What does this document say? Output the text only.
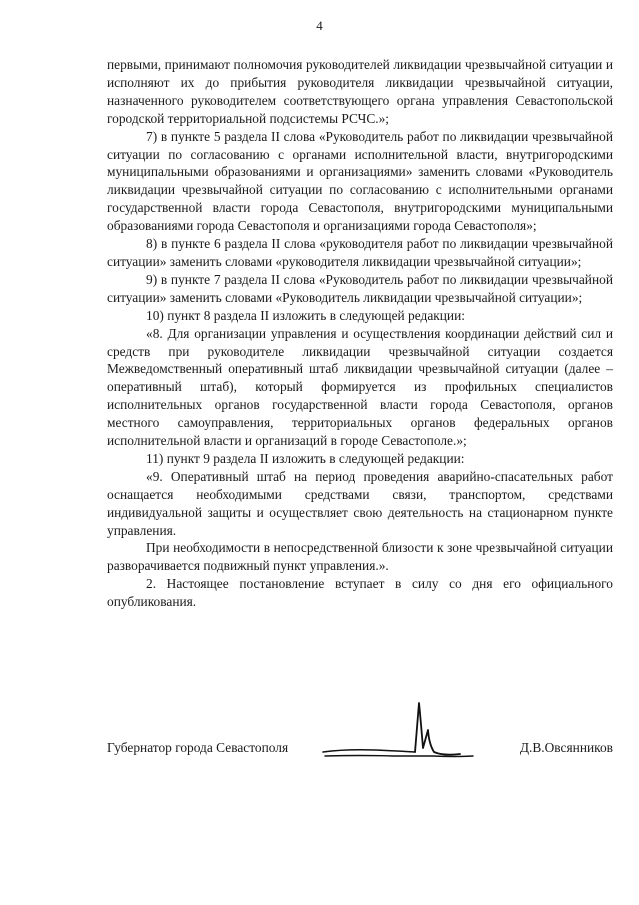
4

первыми, принимают полномочия руководителей ликвидации чрезвычайной ситуации и исполняют их до прибытия руководителя ликвидации чрезвычайной ситуации, назначенного руководителем соответствующего органа управления Севастопольской городской территориальной подсистемы РСЧС.»;

7) в пункте 5 раздела II слова «Руководитель работ по ликвидации чрезвычайной ситуации по согласованию с органами исполнительной власти, внутригородскими муниципальными образованиями и организациями» заменить словами «Руководитель ликвидации чрезвычайной ситуации по согласованию с исполнительными органами государственной власти города Севастополя, внутригородскими муниципальными образованиями города Севастополя и организациями города Севастополя»;

8) в пункте 6 раздела II слова «руководителя работ по ликвидации чрезвычайной ситуации» заменить словами «руководителя ликвидации чрезвычайной ситуации»;

9) в пункте 7 раздела II слова «Руководитель работ по ликвидации чрезвычайной ситуации» заменить словами «Руководитель ликвидации чрезвычайной ситуации»;

10) пункт 8 раздела II изложить в следующей редакции:

«8. Для организации управления и осуществления координации действий сил и средств при руководителе ликвидации чрезвычайной ситуации создается Межведомственный оперативный штаб ликвидации чрезвычайной ситуации (далее – оперативный штаб), который формируется из профильных специалистов исполнительных органов государственной власти города Севастополя, органов местного самоуправления, территориальных органов федеральных органов исполнительной власти и организаций в городе Севастополе.»;

11) пункт 9 раздела II изложить в следующей редакции:

«9. Оперативный штаб на период проведения аварийно-спасательных работ оснащается необходимыми средствами связи, транспортом, средствами индивидуальной защиты и осуществляет свою деятельность на стационарном пункте управления.

При необходимости в непосредственной близости к зоне чрезвычайной ситуации разворачивается подвижный пункт управления.».

2. Настоящее постановление вступает в силу со дня его официального опубликования.

Губернатор города Севастополя	Д.В.Овсянников
